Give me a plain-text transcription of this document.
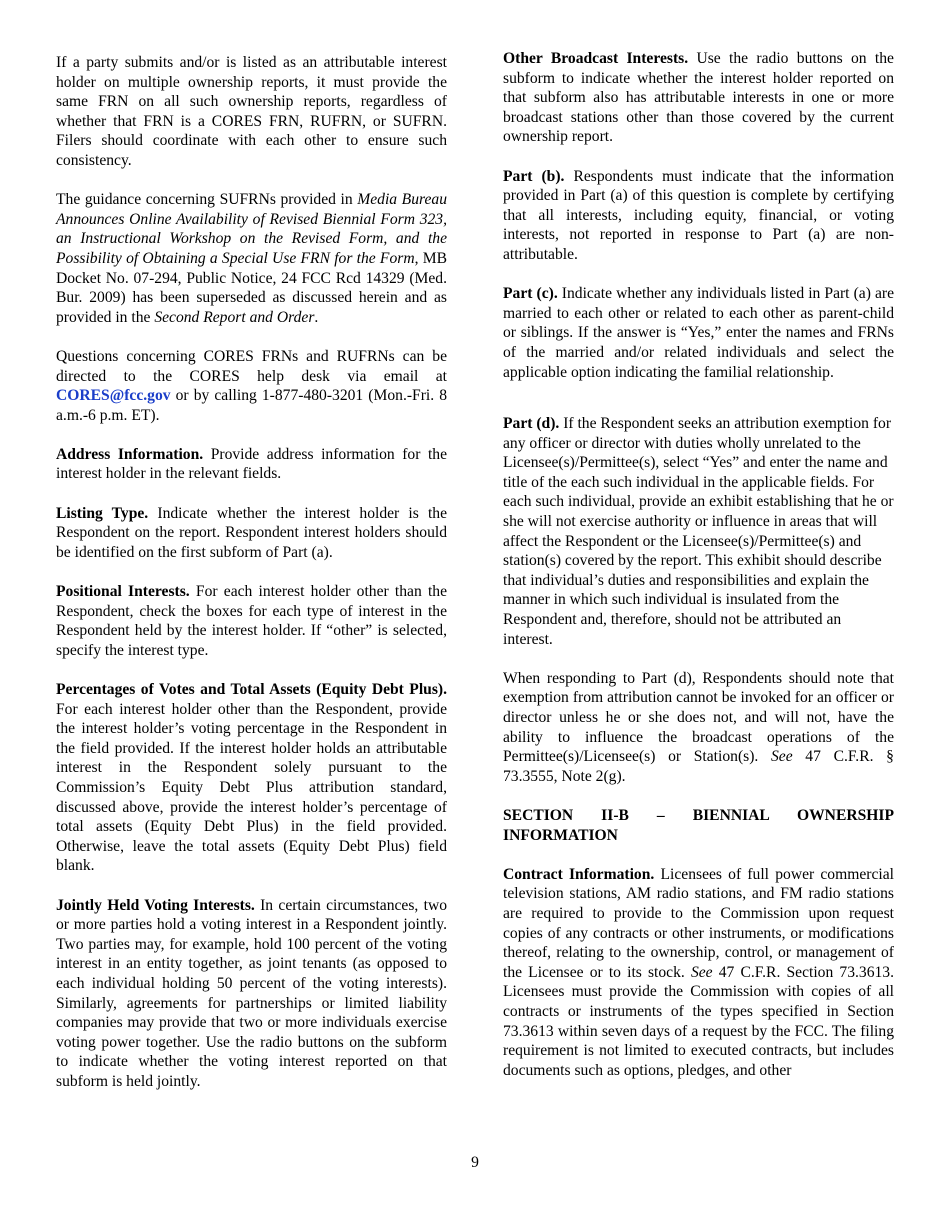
If a party submits and/or is listed as an attributable interest holder on multiple ownership reports, it must provide the same FRN on all such ownership reports, regardless of whether that FRN is a CORES FRN, RUFRN, or SUFRN. Filers should coordinate with each other to ensure such consistency.

The guidance concerning SUFRNs provided in Media Bureau Announces Online Availability of Revised Biennial Form 323, an Instructional Workshop on the Revised Form, and the Possibility of Obtaining a Special Use FRN for the Form, MB Docket No. 07-294, Public Notice, 24 FCC Rcd 14329 (Med. Bur. 2009) has been superseded as discussed herein and as provided in the Second Report and Order.

Questions concerning CORES FRNs and RUFRNs can be directed to the CORES help desk via email at CORES@fcc.gov or by calling 1-877-480-3201 (Mon.-Fri. 8 a.m.-6 p.m. ET).

Address Information. Provide address information for the interest holder in the relevant fields.

Listing Type. Indicate whether the interest holder is the Respondent on the report. Respondent interest holders should be identified on the first subform of Part (a).

Positional Interests. For each interest holder other than the Respondent, check the boxes for each type of interest in the Respondent held by the interest holder. If “other” is selected, specify the interest type.

Percentages of Votes and Total Assets (Equity Debt Plus). For each interest holder other than the Respondent, provide the interest holder’s voting percentage in the Respondent in the field provided. If the interest holder holds an attributable interest in the Respondent solely pursuant to the Commission’s Equity Debt Plus attribution standard, discussed above, provide the interest holder’s percentage of total assets (Equity Debt Plus) in the field provided. Otherwise, leave the total assets (Equity Debt Plus) field blank.

Jointly Held Voting Interests. In certain circumstances, two or more parties hold a voting interest in a Respondent jointly. Two parties may, for example, hold 100 percent of the voting interest in an entity together, as joint tenants (as opposed to each individual holding 50 percent of the voting interests). Similarly, agreements for partnerships or limited liability companies may provide that two or more individuals exercise voting power together. Use the radio buttons on the subform to indicate whether the voting interest reported on that subform is held jointly.

Other Broadcast Interests. Use the radio buttons on the subform to indicate whether the interest holder reported on that subform also has attributable interests in one or more broadcast stations other than those covered by the current ownership report.

Part (b). Respondents must indicate that the information provided in Part (a) of this question is complete by certifying that all interests, including equity, financial, or voting interests, not reported in response to Part (a) are non-attributable.

Part (c). Indicate whether any individuals listed in Part (a) are married to each other or related to each other as parent-child or siblings. If the answer is “Yes,” enter the names and FRNs of the married and/or related individuals and select the applicable option indicating the familial relationship.

Part (d). If the Respondent seeks an attribution exemption for any officer or director with duties wholly unrelated to the Licensee(s)/Permittee(s), select “Yes” and enter the name and title of the each such individual in the applicable fields. For each such individual, provide an exhibit establishing that he or she will not exercise authority or influence in areas that will affect the Respondent or the Licensee(s)/Permittee(s) and station(s) covered by the report. This exhibit should describe that individual’s duties and responsibilities and explain the manner in which such individual is insulated from the Respondent and, therefore, should not be attributed an interest.

When responding to Part (d), Respondents should note that exemption from attribution cannot be invoked for an officer or director unless he or she does not, and will not, have the ability to influence the broadcast operations of the Permittee(s)/Licensee(s) or Station(s). See 47 C.F.R. § 73.3555, Note 2(g).

SECTION II-B – BIENNIAL OWNERSHIP INFORMATION

Contract Information. Licensees of full power commercial television stations, AM radio stations, and FM radio stations are required to provide to the Commission upon request copies of any contracts or other instruments, or modifications thereof, relating to the ownership, control, or management of the Licensee or to its stock. See 47 C.F.R. Section 73.3613. Licensees must provide the Commission with copies of all contracts or instruments of the types specified in Section 73.3613 within seven days of a request by the FCC. The filing requirement is not limited to executed contracts, but includes documents such as options, pledges, and other

9
